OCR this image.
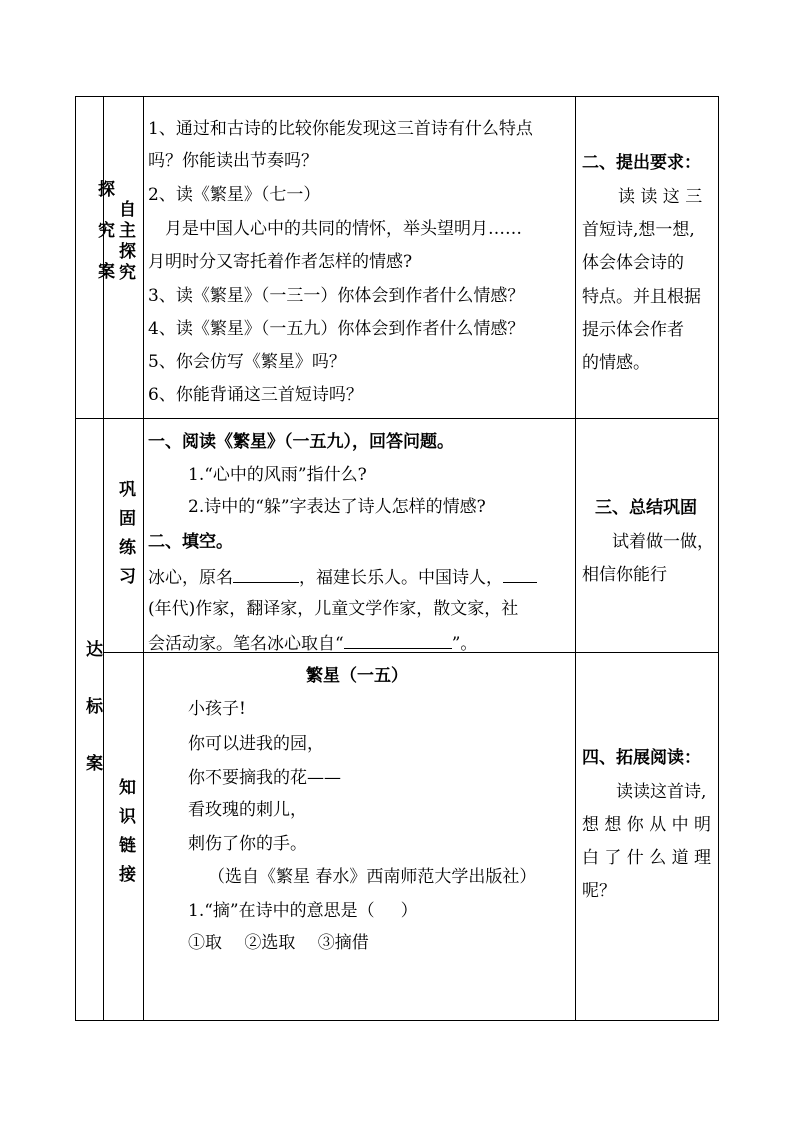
探究案 自主探究
达标案
巩固练习
知识链接
1、通过和古诗的比较你能发现这三首诗有什么特点
吗？你能读出节奏吗？
2、读《繁星》（七一）
月是中国人心中的共同的情怀，举头望明月……
月明时分又寄托着作者怎样的情感?
3、读《繁星》（一三一）你体会到作者什么情感？
4、读《繁星》（一五九）你体会到作者什么情感？
5、你会仿写《繁星》吗？
6、你能背诵这三首短诗吗？
二、提出要求：
读 读 这 三
首短诗,想一想,
体会体会诗的
特点。并且根据
提示体会作者
的情感。
一、阅读《繁星》（一五九），回答问题。
1.“心中的风雨”指什么?
2.诗中的“躲”字表达了诗人怎样的情感?
二、填空。
冰心，原名	，福建长乐人。中国诗人，
(年代)作家，翻译家，儿童文学作家，散文家，社
会活动家。笔名冰心取自“	”。
三、总结巩固
试着做一做，
相信你能行
繁星（一五）
小孩子!
你可以进我的园，
你不要摘我的花——
看玫瑰的刺儿，
刺伤了你的手。
（选自《繁星 春水》西南师范大学出版社）
1.“摘”在诗中的意思是（ ）
①取　 ②选取　 ③摘借
四、拓展阅读：
读读这首诗,
想 想 你 从 中 明
白 了 什 么 道 理
呢？
